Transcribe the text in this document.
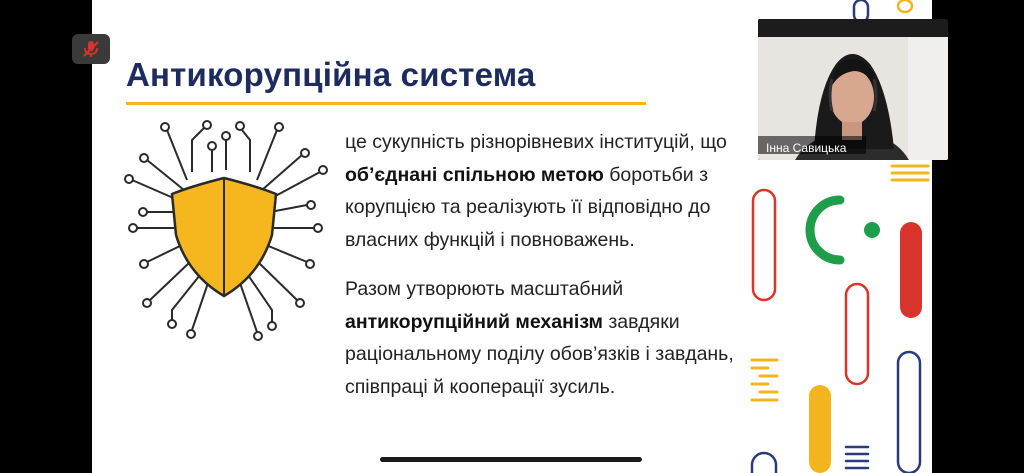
Антикорупційна система

це сукупність різнорівневих інституцій, що об’єднані спільною метою боротьби з корупцією та реалізують її відповідно до власних функцій і повноважень.

Разом утворюють масштабний антикорупційний механізм завдяки раціональному поділу обов’язків і завдань, співпраці й кооперації зусиль.

Інна Савицька
